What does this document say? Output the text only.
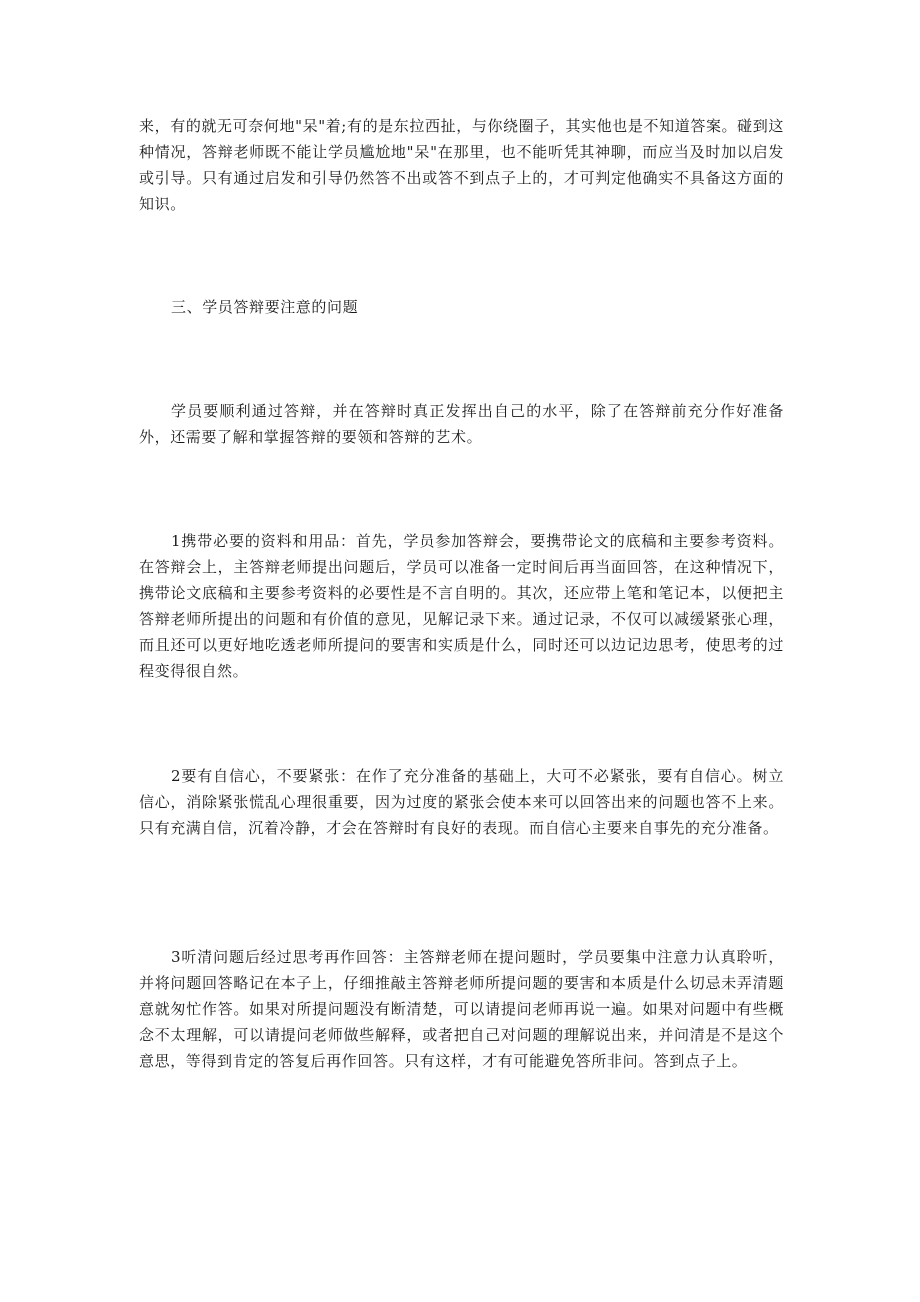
来，有的就无可奈何地"呆"着;有的是东拉西扯，与你绕圈子，其实他也是不知道答案。碰到这种情况，答辩老师既不能让学员尴尬地"呆"在那里，也不能听凭其神聊，而应当及时加以启发或引导。只有通过启发和引导仍然答不出或答不到点子上的，才可判定他确实不具备这方面的知识。

三、学员答辩要注意的问题

学员要顺利通过答辩，并在答辩时真正发挥出自己的水平，除了在答辩前充分作好准备外，还需要了解和掌握答辩的要领和答辩的艺术。

1携带必要的资料和用品：首先，学员参加答辩会，要携带论文的底稿和主要参考资料。在答辩会上，主答辩老师提出问题后，学员可以准备一定时间后再当面回答，在这种情况下，携带论文底稿和主要参考资料的必要性是不言自明的。其次，还应带上笔和笔记本，以便把主答辩老师所提出的问题和有价值的意见，见解记录下来。通过记录，不仅可以减缓紧张心理，而且还可以更好地吃透老师所提问的要害和实质是什么，同时还可以边记边思考，使思考的过程变得很自然。

2要有自信心，不要紧张：在作了充分准备的基础上，大可不必紧张，要有自信心。树立信心，消除紧张慌乱心理很重要，因为过度的紧张会使本来可以回答出来的问题也答不上来。只有充满自信，沉着冷静，才会在答辩时有良好的表现。而自信心主要来自事先的充分准备。

3听清问题后经过思考再作回答：主答辩老师在提问题时，学员要集中注意力认真聆听，并将问题回答略记在本子上，仔细推敲主答辩老师所提问题的要害和本质是什么切忌未弄清题意就匆忙作答。如果对所提问题没有断清楚，可以请提问老师再说一遍。如果对问题中有些概念不太理解，可以请提问老师做些解释，或者把自己对问题的理解说出来，并问清是不是这个意思，等得到肯定的答复后再作回答。只有这样，才有可能避免答所非问。答到点子上。
